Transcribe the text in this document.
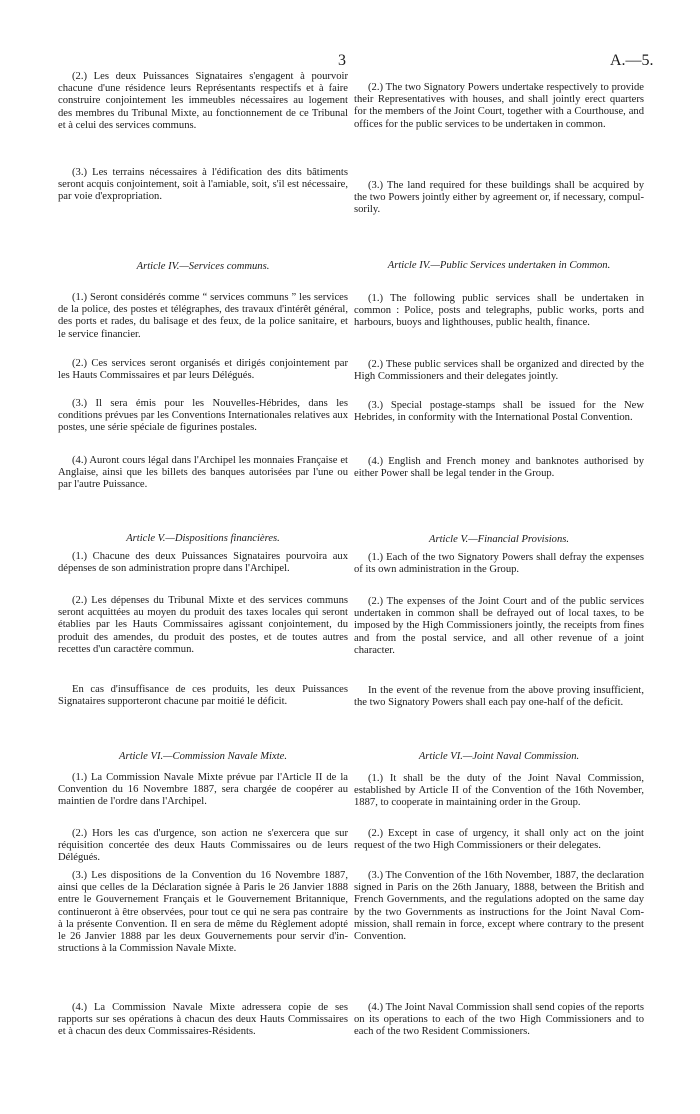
3	A.—5.

(2.) Les deux Puissances Signataires s'engagent à pourvoir chacune d'une résidence leurs Représentants respectifs et à faire construire conjointement les immeubles nécessaires au logement des membres du Tribunal Mixte, au fonctionnement de ce Tribunal et à celui des services communs.

(3.) Les terrains nécessaires à l'édification des dits bâtiments seront acquis conjointement, soit à l'amiable, soit, s'il est nécessaire, par voie d'expropriation.

Article IV.—Services communs.

(1.) Seront considérés comme “ services communs ” les services de la police, des postes et télégraphes, des travaux d'intérêt général, des ports et rades, du balisage et des feux, de la police sanitaire, et le service financier.

(2.) Ces services seront organisés et dirigés conjointement par les Hauts Commissaires et par leurs Délégués.

(3.) Il sera émis pour les Nouvelles-Hébrides, dans les conditions prévues par les Conventions Internationales relatives aux postes, une série spéciale de figurines postales.

(4.) Auront cours légal dans l'Archipel les monnaies Française et Anglaise, ainsi que les billets des banques autorisées par l'une ou par l'autre Puissance.

Article V.—Dispositions financières.

(1.) Chacune des deux Puissances Signataires pourvoira aux dépenses de son administration propre dans l'Archipel.

(2.) Les dépenses du Tribunal Mixte et des services communs seront acquittées au moyen du produit des taxes locales qui seront établies par les Hauts Commissaires agissant conjointement, du produit des amendes, du produit des postes, et de toutes autres recettes d'un caractère commun.

En cas d'insuffisance de ces produits, les deux Puissances Signataires supporteront chacune par moitié le déficit.

Article VI.—Commission Navale Mixte.

(1.) La Commission Navale Mixte prévue par l'Article II de la Convention du 16 Novembre 1887, sera chargée de coopérer au maintien de l'ordre dans l'Archipel.

(2.) Hors les cas d'urgence, son action ne s'exercera que sur réquisition concertée des deux Hauts Commissaires ou de leurs Délégués.

(3.) Les dispositions de la Convention du 16 Novembre 1887, ainsi que celles de la Déclaration signée à Paris le 26 Janvier 1888 entre le Gouvernement Français et le Gouvernement Britannique, continueront à être observées, pour tout ce qui ne sera pas contraire à la présente Convention. Il en sera de même du Règlement adopté le 26 Janvier 1888 par les deux Gouvernements pour servir d'instructions à la Commission Navale Mixte.

(4.) La Commission Navale Mixte adressera copie de ses rapports sur ses opérations à chacun des deux Hauts Commissaires et à chacun des deux Commissaires-Résidents.

(2.) The two Signatory Powers undertake respectively to provide their Representatives with houses, and shall jointly erect quarters for the members of the Joint Court, together with a Courthouse, and offices for the public services to be undertaken in common.

(3.) The land required for these buildings shall be acquired by the two Powers jointly either by agreement or, if necessary, compulsorily.

Article IV.—Public Services undertaken in Common.

(1.) The following public services shall be undertaken in common : Police, posts and telegraphs, public works, ports and harbours, buoys and lighthouses, public health, finance.

(2.) These public services shall be organized and directed by the High Commissioners and their delegates jointly.

(3.) Special postage-stamps shall be issued for the New Hebrides, in conformity with the International Postal Convention.

(4.) English and French money and banknotes authorised by either Power shall be legal tender in the Group.

Article V.—Financial Provisions.

(1.) Each of the two Signatory Powers shall defray the expenses of its own administration in the Group.

(2.) The expenses of the Joint Court and of the public services undertaken in common shall be defrayed out of local taxes, to be imposed by the High Commissioners jointly, the receipts from fines and from the postal service, and all other revenue of a joint character.

In the event of the revenue from the above proving insufficient, the two Signatory Powers shall each pay one-half of the deficit.

Article VI.—Joint Naval Commission.

(1.) It shall be the duty of the Joint Naval Commission, established by Article II of the Convention of the 16th November, 1887, to cooperate in maintaining order in the Group.

(2.) Except in case of urgency, it shall only act on the joint request of the two High Commissioners or their delegates.

(3.) The Convention of the 16th November, 1887, the declaration signed in Paris on the 26th January, 1888, between the British and French Governments, and the regulations adopted on the same day by the two Governments as instructions for the Joint Naval Commission, shall remain in force, except where contrary to the present Convention.

(4.) The Joint Naval Commission shall send copies of the reports on its operations to each of the two High Commissioners and to each of the two Resident Commissioners.
